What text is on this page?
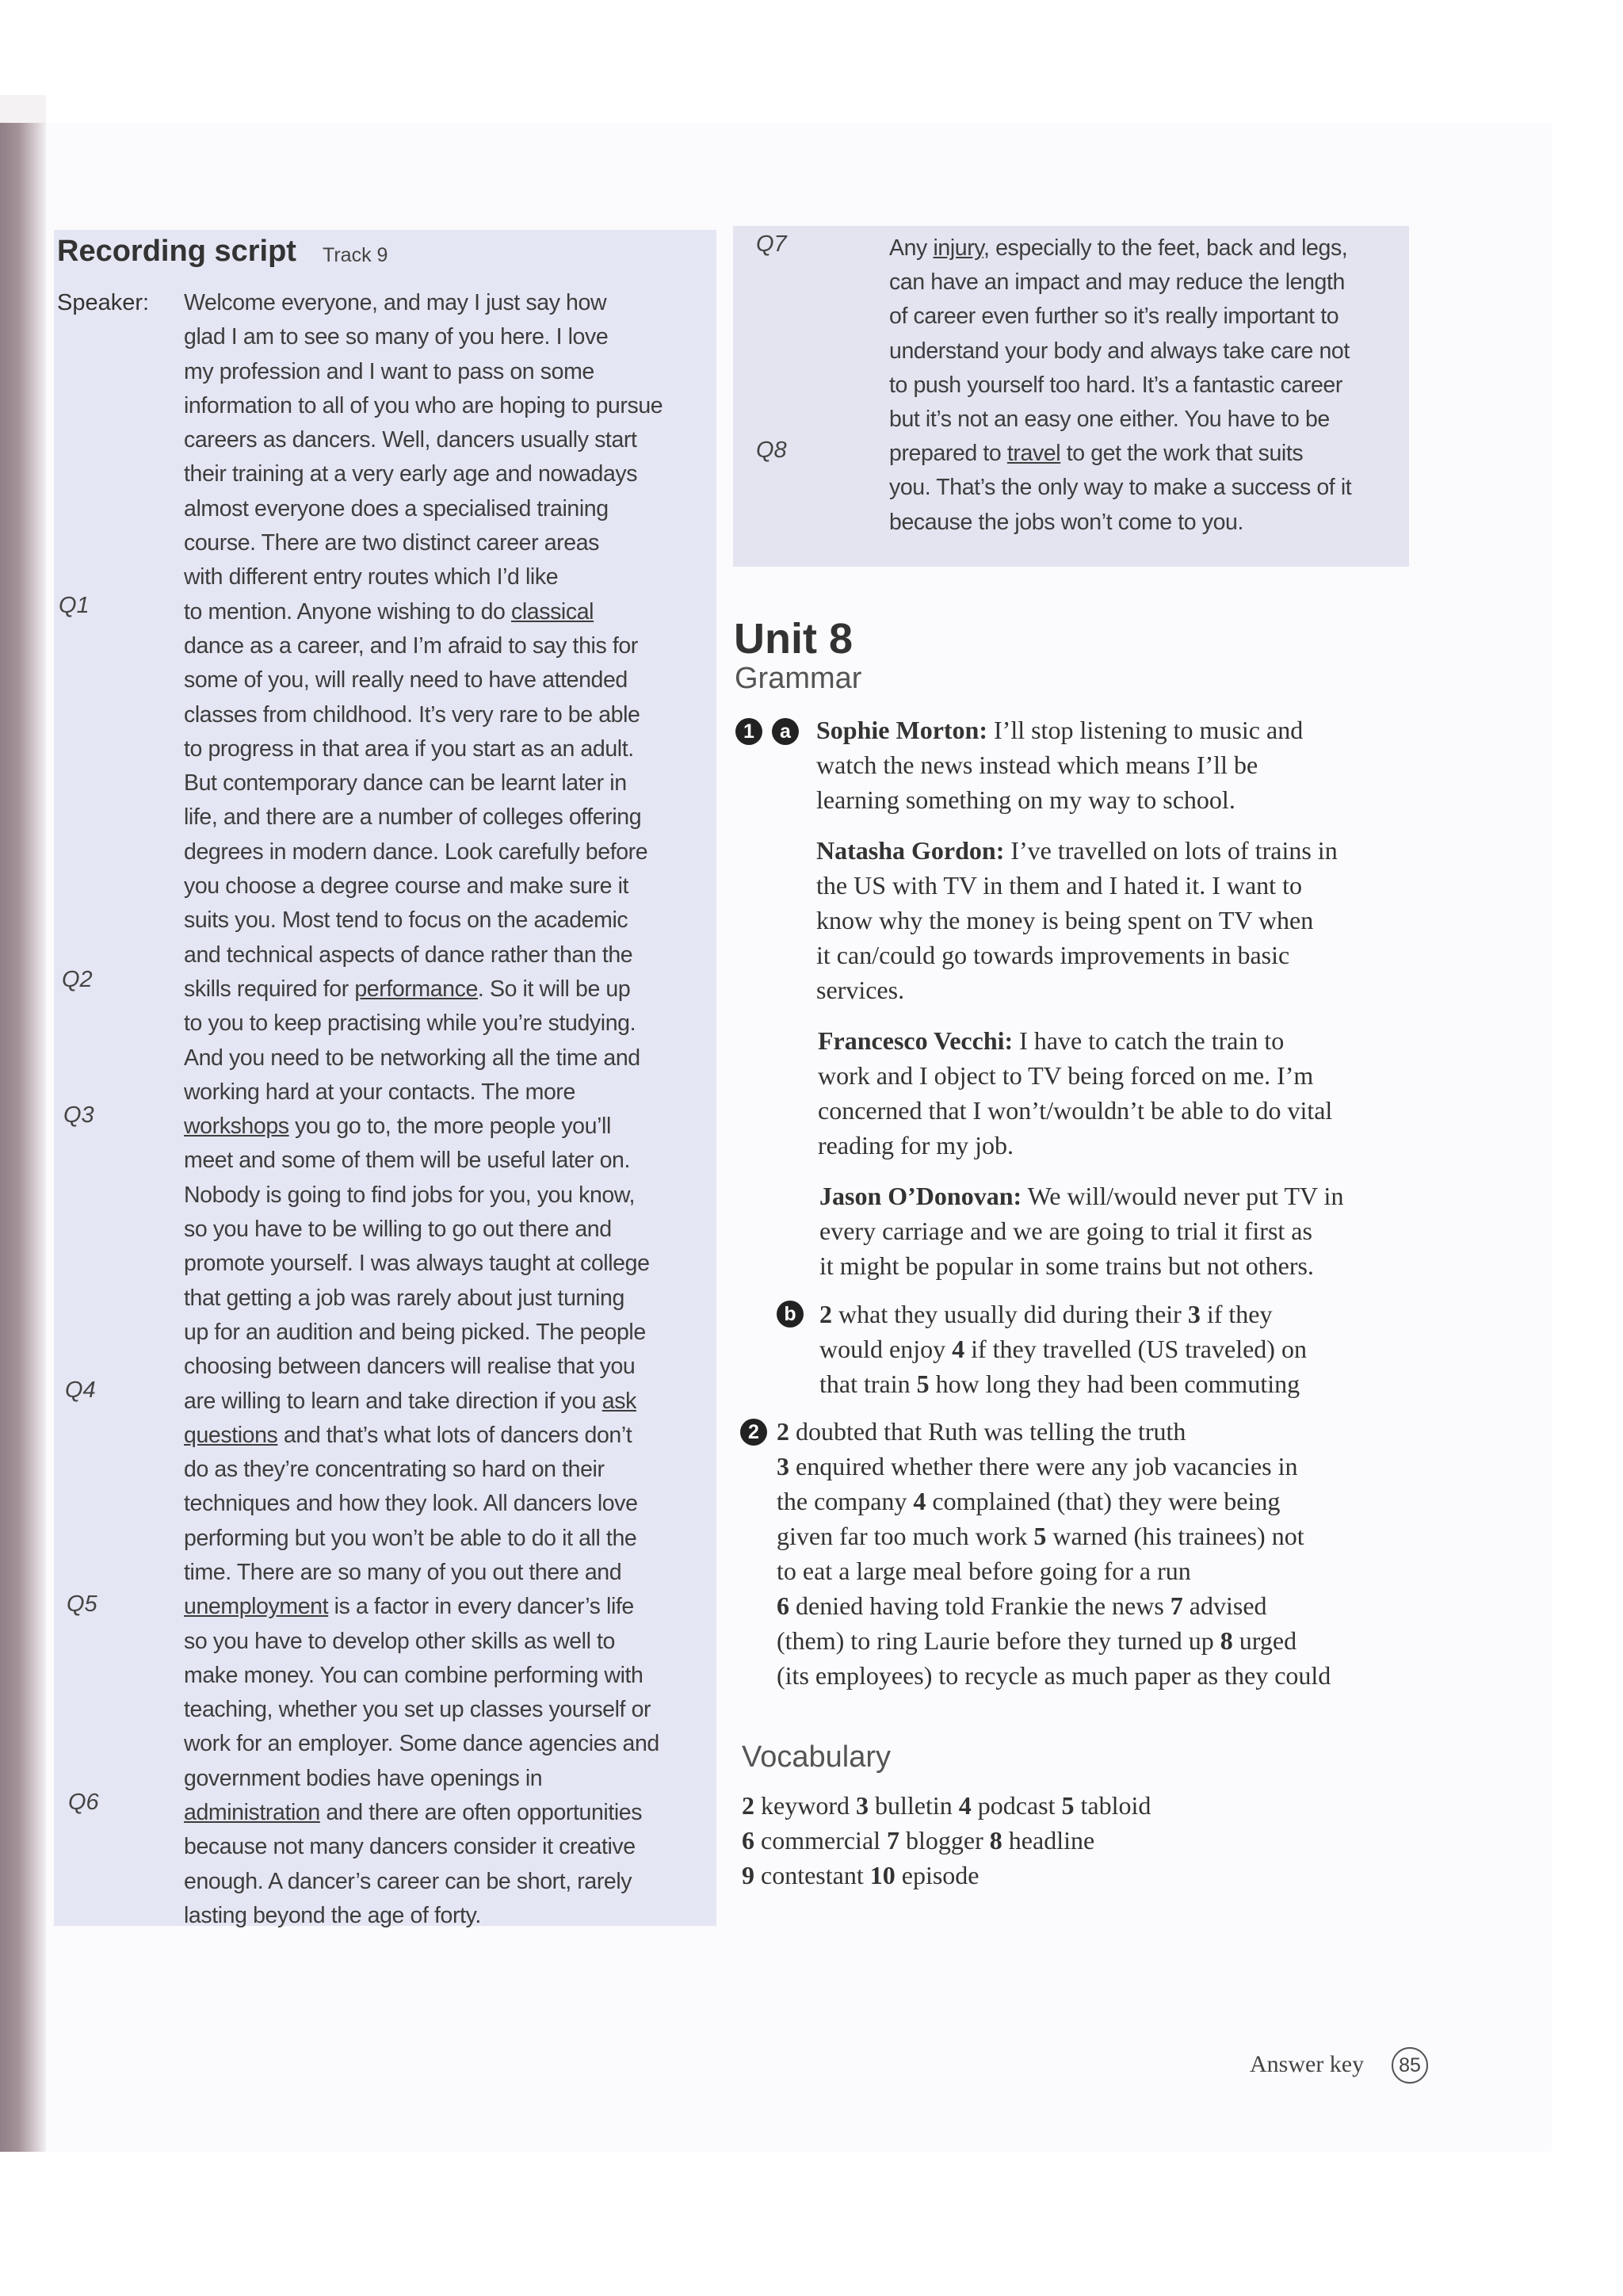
Recording script Track 9
Speaker:
Q1
Q2
Q3
Q4
Q5
Q6
Welcome everyone, and may I just say how
glad I am to see so many of you here. I love
my profession and I want to pass on some
information to all of you who are hoping to pursue
careers as dancers. Well, dancers usually start
their training at a very early age and nowadays
almost everyone does a specialised training
course. There are two distinct career areas
with different entry routes which I’d like
to mention. Anyone wishing to do classical
dance as a career, and I’m afraid to say this for
some of you, will really need to have attended
classes from childhood. It’s very rare to be able
to progress in that area if you start as an adult.
But contemporary dance can be learnt later in
life, and there are a number of colleges offering
degrees in modern dance. Look carefully before
you choose a degree course and make sure it
suits you. Most tend to focus on the academic
and technical aspects of dance rather than the
skills required for performance. So it will be up
to you to keep practising while you’re studying.
And you need to be networking all the time and
working hard at your contacts. The more
workshops you go to, the more people you’ll
meet and some of them will be useful later on.
Nobody is going to find jobs for you, you know,
so you have to be willing to go out there and
promote yourself. I was always taught at college
that getting a job was rarely about just turning
up for an audition and being picked. The people
choosing between dancers will realise that you
are willing to learn and take direction if you ask
questions and that’s what lots of dancers don’t
do as they’re concentrating so hard on their
techniques and how they look. All dancers love
performing but you won’t be able to do it all the
time. There are so many of you out there and
unemployment is a factor in every dancer’s life
so you have to develop other skills as well to
make money. You can combine performing with
teaching, whether you set up classes yourself or
work for an employer. Some dance agencies and
government bodies have openings in
administration and there are often opportunities
because not many dancers consider it creative
enough. A dancer’s career can be short, rarely
lasting beyond the age of forty.
Q7
Q8
Any injury, especially to the feet, back and legs,
can have an impact and may reduce the length
of career even further so it’s really important to
understand your body and always take care not
to push yourself too hard. It’s a fantastic career
but it’s not an easy one either. You have to be
prepared to travel to get the work that suits
you. That’s the only way to make a success of it
because the jobs won’t come to you.
Unit 8
Grammar
1	a	Sophie Morton: I’ll stop listening to music and
watch the news instead which means I’ll be
learning something on my way to school.
Natasha Gordon: I’ve travelled on lots of trains in
the US with TV in them and I hated it. I want to
know why the money is being spent on TV when
it can/could go towards improvements in basic
services.
Francesco Vecchi: I have to catch the train to
work and I object to TV being forced on me. I’m
concerned that I won’t/wouldn’t be able to do vital
reading for my job.
Jason O’Donovan: We will/would never put TV in
every carriage and we are going to trial it first as
it might be popular in some trains but not others.
b 2 what they usually did during their 3 if they
would enjoy 4 if they travelled (US traveled) on
that train 5 how long they had been commuting
2 2 doubted that Ruth was telling the truth
3 enquired whether there were any job vacancies in
the company 4 complained (that) they were being
given far too much work 5 warned (his trainees) not
to eat a large meal before going for a run
6 denied having told Frankie the news 7 advised
(them) to ring Laurie before they turned up 8 urged
(its employees) to recycle as much paper as they could
Vocabulary
2 keyword 3 bulletin 4 podcast 5 tabloid
6 commercial 7 blogger 8 headline
9 contestant 10 episode
Answer key	85
